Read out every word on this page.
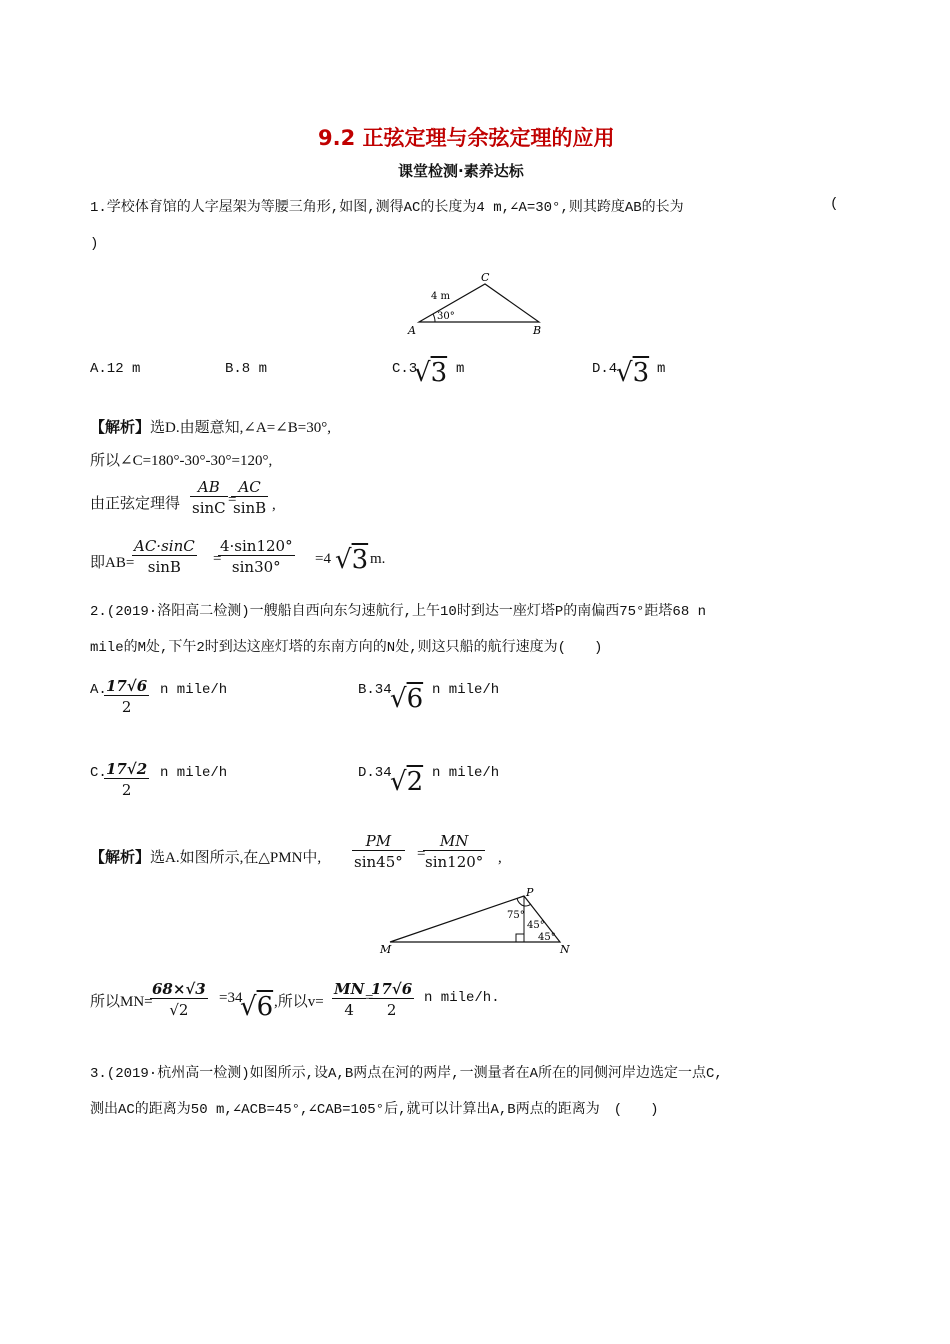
9.2 正弦定理与余弦定理的应用
课堂检测·素养达标
1.学校体育馆的人字屋架为等腰三角形,如图,测得AC的长度为4 m,∠A=30°,则其跨度AB的长为	(
)
C
A	B
4 m
30°
A.12 m	B.8 m	C.3
√3 m	D.4
√3 m
【解析】选D.由题意知,∠A=∠B=30°,
所以∠C=180°-30°-30°=120°,
由正弦定理得 $\frac{AB}{\sin C}$ =
$\frac{AC}{\sin B}$ ,
即AB=
$\frac{AC\cdot\sin C}{\sin B}$ =
$\frac{4\cdot\sin 120^\circ}{\sin 30^\circ} =4$ √3 m.
2.(2019·洛阳高二检测)一艘船自西向东匀速航行,上午10时到达一座灯塔P的南偏西75°距塔68 n
mile的M处,下午2时到达这座灯塔的东南方向的N处,则这只船的航行速度为(　　)
A.
$\frac{17√6}{2}$ n mile/h	B.34
√6 n mile/h
C.
$\frac{17√2}{2}$ n mile/h	D.34
√2 n mile/h
【解析】选A.如图所示,在△PMN中, $\frac{PM}{\sin 45^\circ}$ =
$\frac{MN}{\sin 120^\circ}$ ,
P
M	N
75°
45°
45°
所以MN=
$\frac{68\times√3}{√2} =34$
√6 ,所以$v= \frac{MN}{4}$
=
$\frac{17√6}{2}$ n mile/h.
3.(2019·杭州高一检测)如图所示,设A,B两点在河的两岸,一测量者在A所在的同侧河岸边选定一点C,
测出AC的距离为50 m,∠ACB=45°,∠CAB=105°后,就可以计算出A,B两点的距离为　(　　)
